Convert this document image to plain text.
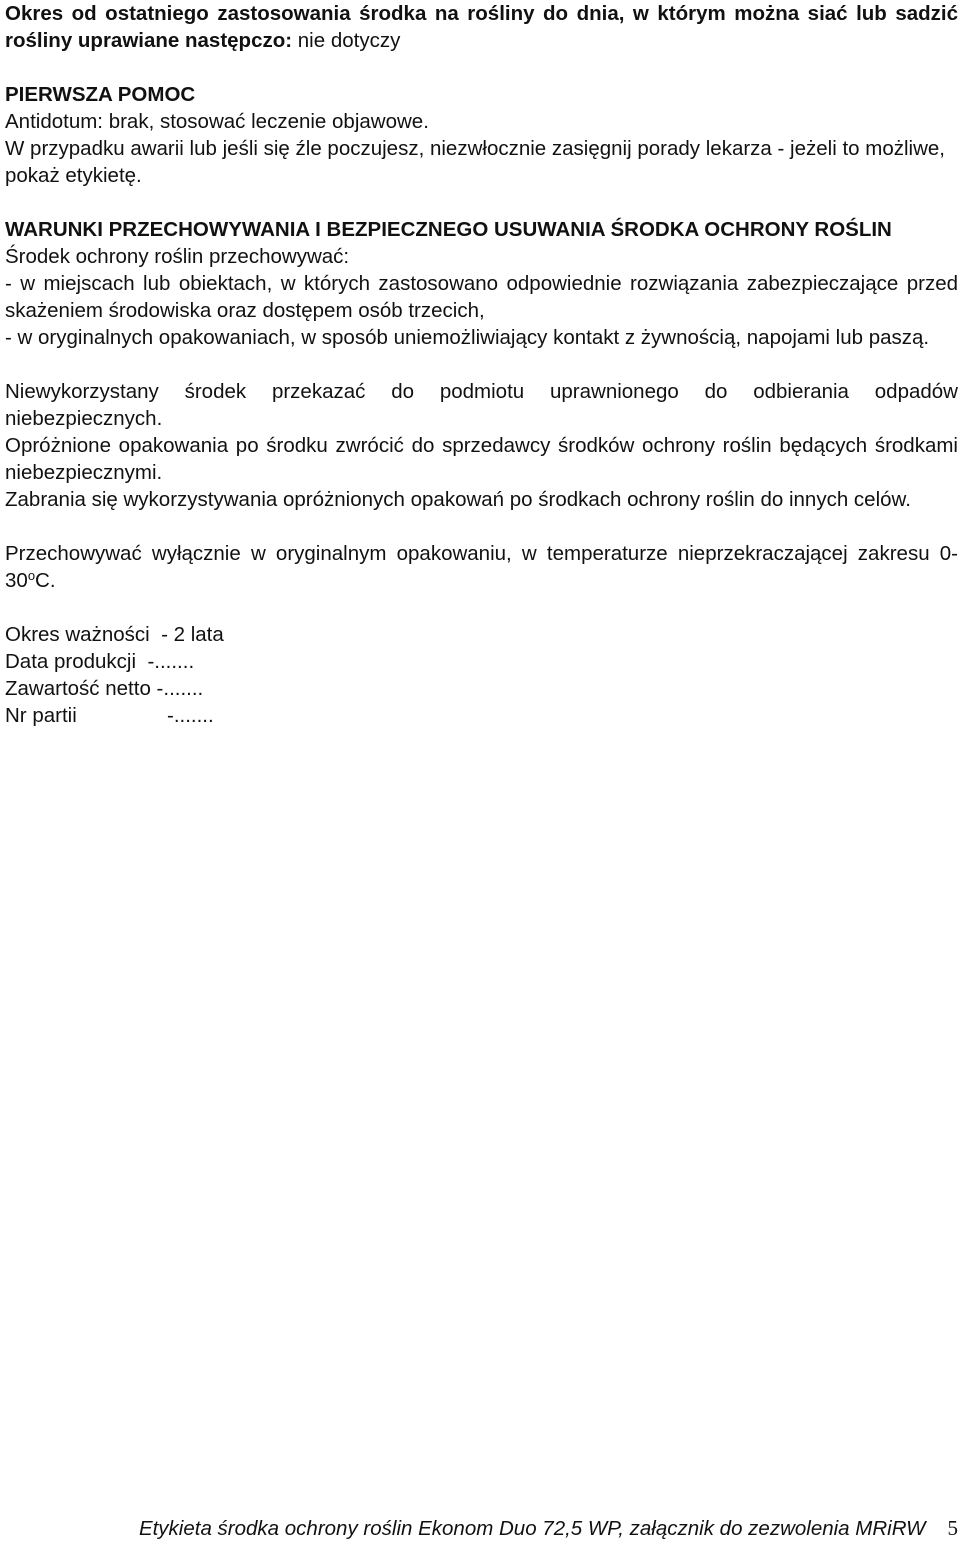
Okres od ostatniego zastosowania środka na rośliny do dnia, w którym można siać lub sadzić rośliny uprawiane następczo: nie dotyczy

PIERWSZA POMOC

Antidotum: brak, stosować leczenie objawowe.

W przypadku awarii lub jeśli się źle poczujesz, niezwłocznie zasięgnij porady lekarza - jeżeli to możliwe, pokaż etykietę.

WARUNKI PRZECHOWYWANIA I BEZPIECZNEGO USUWANIA ŚRODKA OCHRONY ROŚLIN

Środek ochrony roślin przechowywać:

- w miejscach lub obiektach, w których zastosowano odpowiednie rozwiązania zabezpieczające przed skażeniem środowiska oraz dostępem osób trzecich,

- w oryginalnych opakowaniach, w sposób uniemożliwiający kontakt z żywnością, napojami lub paszą.

Niewykorzystany środek przekazać do podmiotu uprawnionego do odbierania odpadów niebezpiecznych.

Opróżnione opakowania po środku zwrócić do sprzedawcy środków ochrony roślin będących środkami niebezpiecznymi.

Zabrania się wykorzystywania opróżnionych opakowań po środkach ochrony roślin do innych celów.

Przechowywać wyłącznie w oryginalnym opakowaniu, w temperaturze nieprzekraczającej zakresu 0-30$^o$C.

Okres ważności  - 2 lata

Data produkcji -.......

Zawartość netto -.......

Nr partii	-.......

Etykieta środka ochrony roślin Ekonom Duo 72,5 WP, załącznik do zezwolenia MRiRW 5
